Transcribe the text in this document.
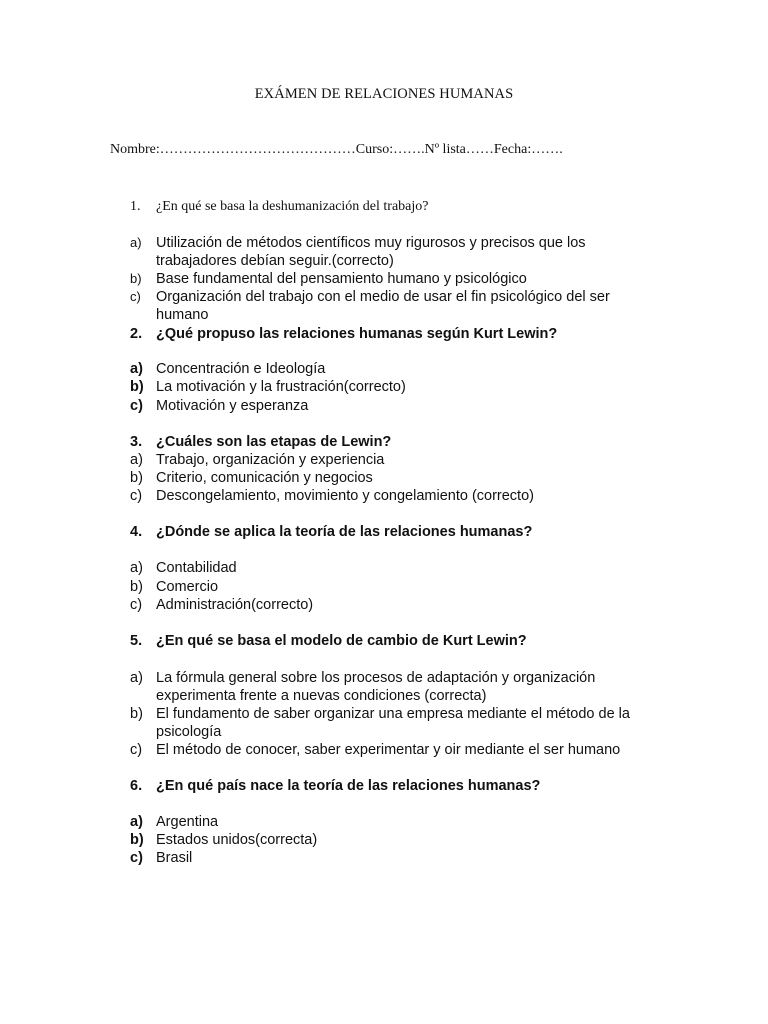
EXÁMEN DE RELACIONES HUMANAS
Nombre:……………………………………Curso:…….Nº lista……Fecha:…….
1.	¿En qué se basa la deshumanización del trabajo?
a) Utilización de métodos científicos muy rigurosos y precisos que los trabajadores debían seguir.(correcto)
b) Base fundamental del pensamiento humano y psicológico
c)	Organización del trabajo con el medio de usar el fin psicológico del ser humano
2. ¿Qué propuso las relaciones humanas según Kurt Lewin?
a) Concentración e Ideología
b) La motivación y la frustración(correcto)
c) Motivación y esperanza
3. ¿Cuáles son las etapas de Lewin?
a) Trabajo, organización y experiencia
b) Criterio, comunicación y negocios
c) Descongelamiento, movimiento y congelamiento (correcto)
4. ¿Dónde se aplica la teoría de las relaciones humanas?
a) Contabilidad
b) Comercio
c) Administración(correcto)
5. ¿En qué se basa el modelo de cambio de Kurt Lewin?
a) La fórmula general sobre los procesos de adaptación y organización experimenta frente a nuevas condiciones (correcta)
b) El fundamento de saber organizar una empresa mediante el método de la psicología
c) El método de conocer, saber experimentar y oir mediante el ser humano
6. ¿En qué país nace la teoría de las relaciones humanas?
a) Argentina
b) Estados unidos(correcta)
c) Brasil
